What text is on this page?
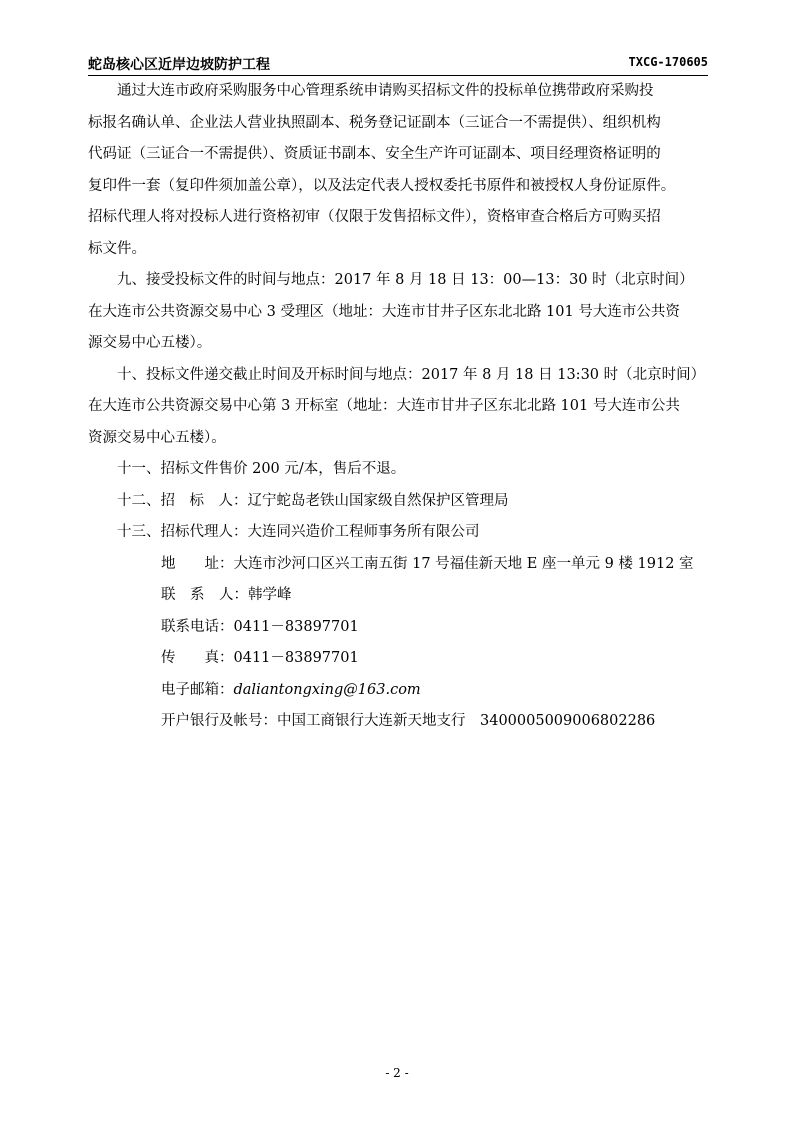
蛇岛核心区近岸边坡防护工程	TXCG-170605

通过大连市政府采购服务中心管理系统申请购买招标文件的投标单位携带政府采购投

标报名确认单、企业法人营业执照副本、税务登记证副本（三证合一不需提供）、组织机构

代码证（三证合一不需提供）、资质证书副本、安全生产许可证副本、项目经理资格证明的

复印件一套（复印件须加盖公章），以及法定代表人授权委托书原件和被授权人身份证原件。

招标代理人将对投标人进行资格初审（仅限于发售招标文件），资格审查合格后方可购买招

标文件。

九、接受投标文件的时间与地点：2017 年 8 月 18 日 13：00—13：30 时（北京时间）

在大连市公共资源交易中心 3 受理区（地址：大连市甘井子区东北北路 101 号大连市公共资

源交易中心五楼）。

十、投标文件递交截止时间及开标时间与地点：2017 年 8 月 18 日 13:30 时（北京时间）

在大连市公共资源交易中心第 3 开标室（地址：大连市甘井子区东北北路 101 号大连市公共

资源交易中心五楼）。

十一、招标文件售价 200 元/本，售后不退。

十二、招　标　人：辽宁蛇岛老铁山国家级自然保护区管理局

十三、招标代理人：大连同兴造价工程师事务所有限公司

地　　址：大连市沙河口区兴工南五街 17 号福佳新天地 E 座一单元 9 楼 1912 室

联　系　人：韩学峰

联系电话：0411－83897701

传　　真：0411－83897701

电子邮箱：daliantongxing@163.com

开户银行及帐号：中国工商银行大连新天地支行　3400005009006802286

- 2 -
